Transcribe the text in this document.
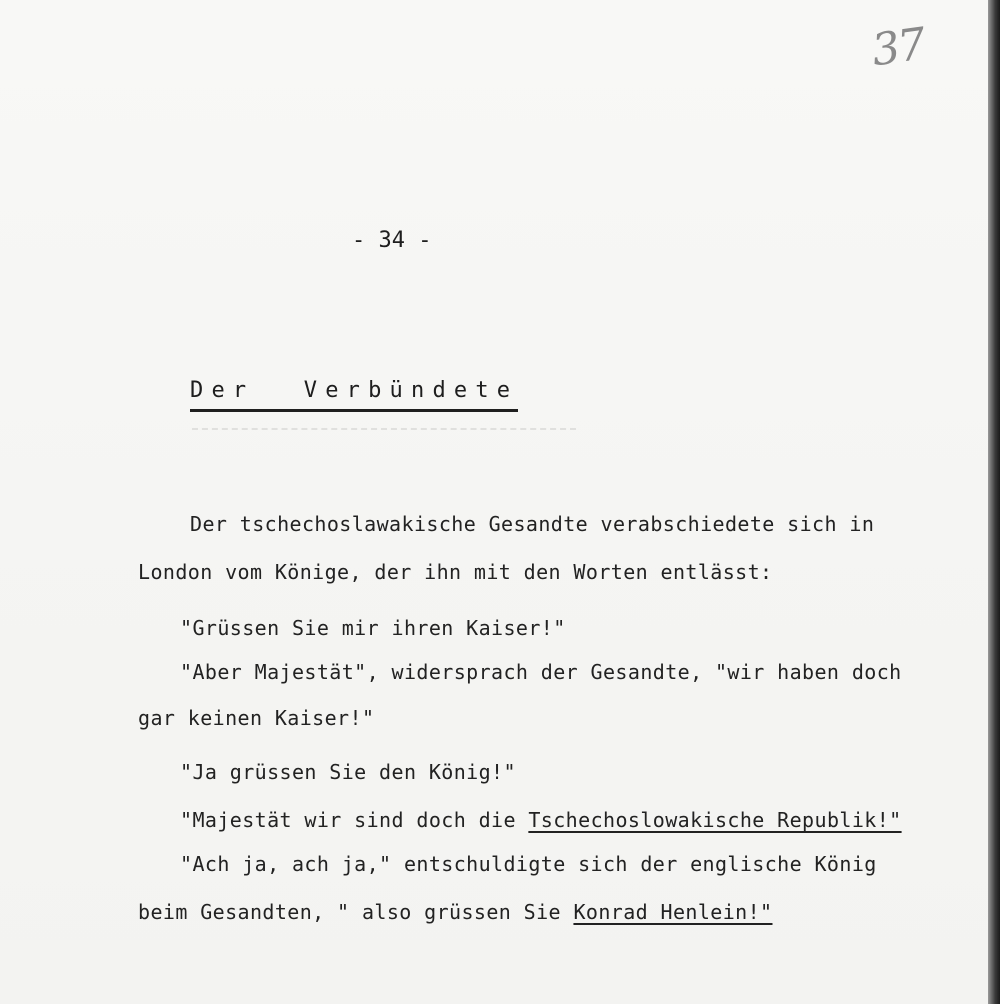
37
- 34 -
Der Verbündete
Der tschechoslawakische Gesandte verabschiedete sich in
London vom Könige, der ihn mit den Worten entlässt:
"Grüssen Sie mir ihren Kaiser!"
"Aber Majestät", widersprach der Gesandte, "wir haben doch
gar keinen Kaiser!"
"Ja grüssen Sie den König!"
"Majestät wir sind doch die Tschechoslowakische Republik!"
"Ach ja, ach ja," entschuldigte sich der englische König
beim Gesandten, " also grüssen Sie Konrad Henlein!"
